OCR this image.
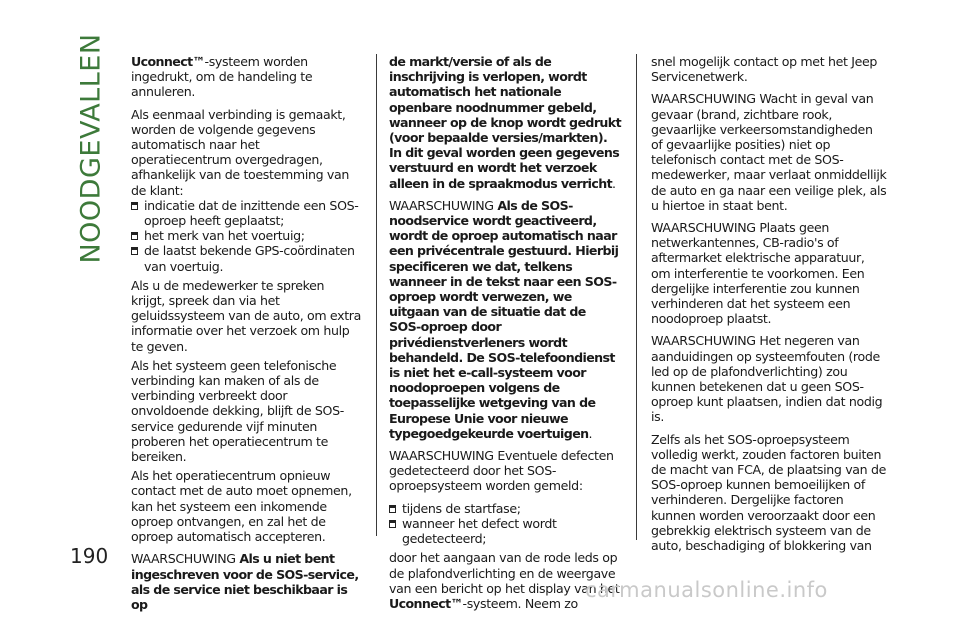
NOODGEVALLEN
190

Uconnect™-systeem worden ingedrukt, om de handeling te annuleren.

Als eenmaal verbinding is gemaakt, worden de volgende gegevens automatisch naar het operatiecentrum overgedragen, afhankelijk van de toestemming van de klant:

indicatie dat de inzittende een SOS-oproep heeft geplaatst;
het merk van het voertuig;
de laatst bekende GPS-coördinaten van voertuig.

Als u de medewerker te spreken krijgt, spreek dan via het geluidssysteem van de auto, om extra informatie over het verzoek om hulp te geven.

Als het systeem geen telefonische verbinding kan maken of als de verbinding verbreekt door onvoldoende dekking, blijft de SOS-service gedurende vijf minuten proberen het operatiecentrum te bereiken.

Als het operatiecentrum opnieuw contact met de auto moet opnemen, kan het systeem een inkomende oproep ontvangen, en zal het de oproep automatisch accepteren.

WAARSCHUWING Als u niet bent ingeschreven voor de SOS-service, als de service niet beschikbaar is op

de markt/versie of als de inschrijving is verlopen, wordt automatisch het nationale openbare noodnummer gebeld, wanneer op de knop wordt gedrukt (voor bepaalde versies/markten). In dit geval worden geen gegevens verstuurd en wordt het verzoek alleen in de spraakmodus verricht.

WAARSCHUWING Als de SOS-noodservice wordt geactiveerd, wordt de oproep automatisch naar een privécentrale gestuurd. Hierbij specificeren we dat, telkens wanneer in de tekst naar een SOS-oproep wordt verwezen, we uitgaan van de situatie dat de SOS-oproep door privédienstverleners wordt behandeld. De SOS-telefoondienst is niet het e-call-systeem voor noodoproepen volgens de toepasselijke wetgeving van de Europese Unie voor nieuwe typegoedgekeurde voertuigen.

WAARSCHUWING Eventuele defecten gedetecteerd door het SOS-oproepsysteem worden gemeld:

tijdens de startfase;
wanneer het defect wordt gedetecteerd;

door het aangaan van de rode leds op de plafondverlichting en de weergave van een bericht op het display van het Uconnect™-systeem. Neem zo

snel mogelijk contact op met het Jeep Servicenetwerk.

WAARSCHUWING Wacht in geval van gevaar (brand, zichtbare rook, gevaarlijke verkeersomstandigheden of gevaarlijke posities) niet op telefonisch contact met de SOS-medewerker, maar verlaat onmiddellijk de auto en ga naar een veilige plek, als u hiertoe in staat bent.

WAARSCHUWING Plaats geen netwerkantennes, CB-radio's of aftermarket elektrische apparatuur, om interferentie te voorkomen. Een dergelijke interferentie zou kunnen verhinderen dat het systeem een noodoproep plaatst.

WAARSCHUWING Het negeren van aanduidingen op systeemfouten (rode led op de plafondverlichting) zou kunnen betekenen dat u geen SOS-oproep kunt plaatsen, indien dat nodig is.

Zelfs als het SOS-oproepsysteem volledig werkt, zouden factoren buiten de macht van FCA, de plaatsing van de SOS-oproep kunnen bemoeilijken of verhinderen. Dergelijke factoren kunnen worden veroorzaakt door een gebrekkig elektrisch systeem van de auto, beschadiging of blokkering van

carmanualsonline.info
